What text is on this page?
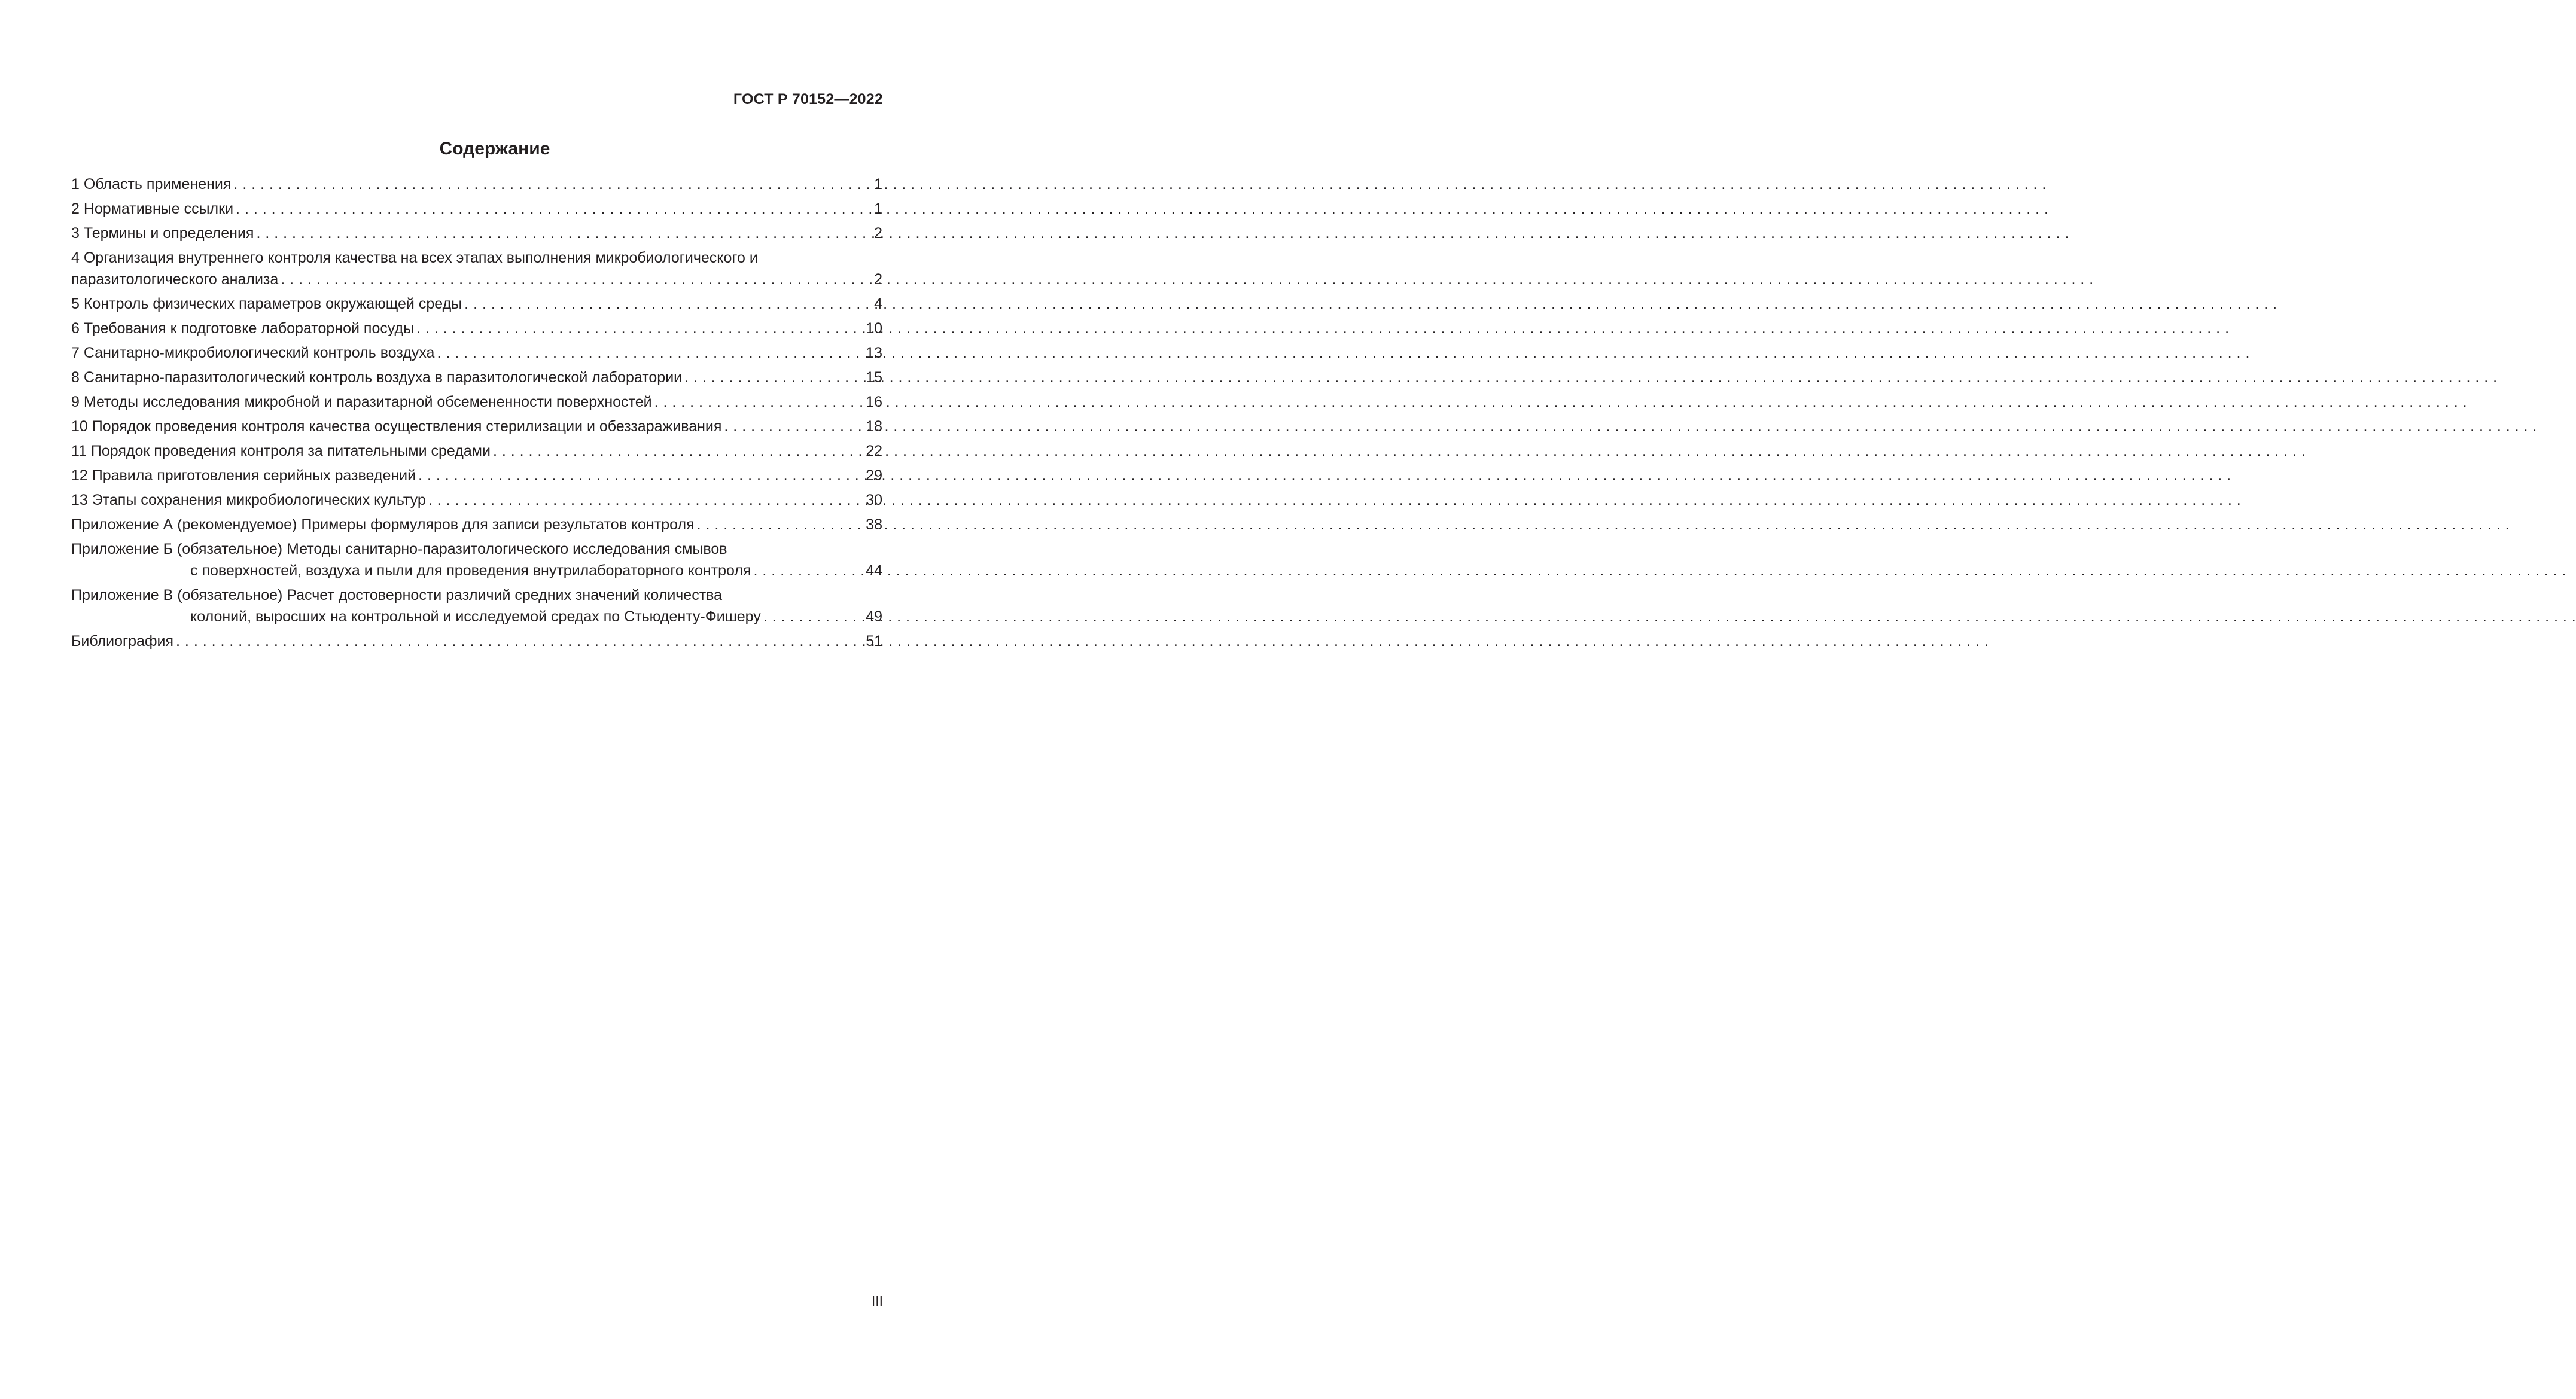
ГОСТ Р 70152—2022
Содержание
1 Область применения . . .	1
2 Нормативные ссылки . . .	1
3 Термины и определения . . .	2
4 Организация внутреннего контроля качества на всех этапах выполнения микробиологического и
паразитологического анализа . . .	2
5 Контроль физических параметров окружающей среды . . .	4
6 Требования к подготовке лабораторной посуды . . .	10
7 Санитарно-микробиологический контроль воздуха . . .	13
8 Санитарно-паразитологический контроль воздуха в паразитологической лаборатории . . .	15
9 Методы исследования микробной и паразитарной обсемененности поверхностей . . .	16
10 Порядок проведения контроля качества осуществления стерилизации и обеззараживания . . .	18
11 Порядок проведения контроля за питательными средами . . .	22
12 Правила приготовления серийных разведений . . .	29
13 Этапы сохранения микробиологических культур . . .	30
Приложение А (рекомендуемое) Примеры формуляров для записи результатов контроля . . .	38
Приложение Б (обязательное) Методы санитарно-паразитологического исследования смывов
с поверхностей, воздуха и пыли для проведения внутрилабораторного контроля . . .	44
Приложение В (обязательное) Расчет достоверности различий средних значений количества
колоний, выросших на контрольной и исследуемой средах по Стьюденту-Фишеру . . .	49
Библиография . . .	51
III
